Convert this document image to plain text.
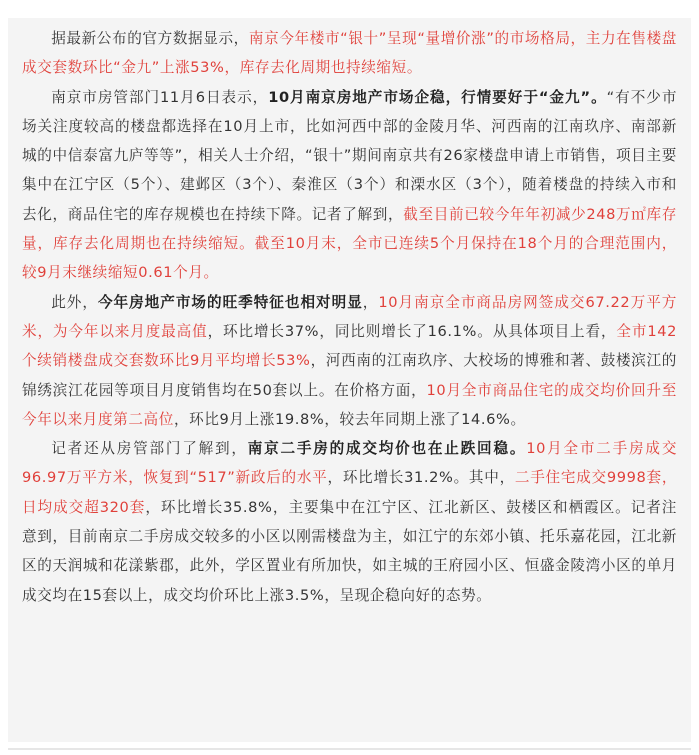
据最新公布的官方数据显示，南京今年楼市“银十”呈现“量增价涨”的市场格局，主力在售楼盘成交套数环比“金九”上涨53%，库存去化周期也持续缩短。

南京市房管部门11月6日表示，10月南京房地产市场企稳，行情要好于“金九”。“有不少市场关注度较高的楼盘都选择在10月上市，比如河西中部的金陵月华、河西南的江南玖序、南部新城的中信泰富九庐等等”，相关人士介绍，“银十”期间南京共有26家楼盘申请上市销售，项目主要集中在江宁区（5个）、建邺区（3个）、秦淮区（3个）和溧水区（3个），随着楼盘的持续入市和去化，商品住宅的库存规模也在持续下降。记者了解到，截至目前已较今年年初减少248万㎡库存量，库存去化周期也在持续缩短。截至10月末，全市已连续5个月保持在18个月的合理范围内，较9月末继续缩短0.61个月。

此外，今年房地产市场的旺季特征也相对明显，10月南京全市商品房网签成交67.22万平方米，为今年以来月度最高值，环比增长37%，同比则增长了16.1%。从具体项目上看，全市142个续销楼盘成交套数环比9月平均增长53%，河西南的江南玖序、大校场的博雅和著、鼓楼滨江的锦绣滨江花园等项目月度销售均在50套以上。在价格方面，10月全市商品住宅的成交均价回升至今年以来月度第二高位，环比9月上涨19.8%，较去年同期上涨了14.6%。

记者还从房管部门了解到，南京二手房的成交均价也在止跌回稳。10月全市二手房成交96.97万平方米，恢复到“517”新政后的水平，环比增长31.2%。其中，二手住宅成交9998套，日均成交超320套，环比增长35.8%，主要集中在江宁区、江北新区、鼓楼区和栖霞区。记者注意到，目前南京二手房成交较多的小区以刚需楼盘为主，如江宁的东郊小镇、托乐嘉花园，江北新区的天润城和花漾紫郡，此外，学区置业有所加快，如主城的王府园小区、恒盛金陵湾小区的单月成交均在15套以上，成交均价环比上涨3.5%，呈现企稳向好的态势。
